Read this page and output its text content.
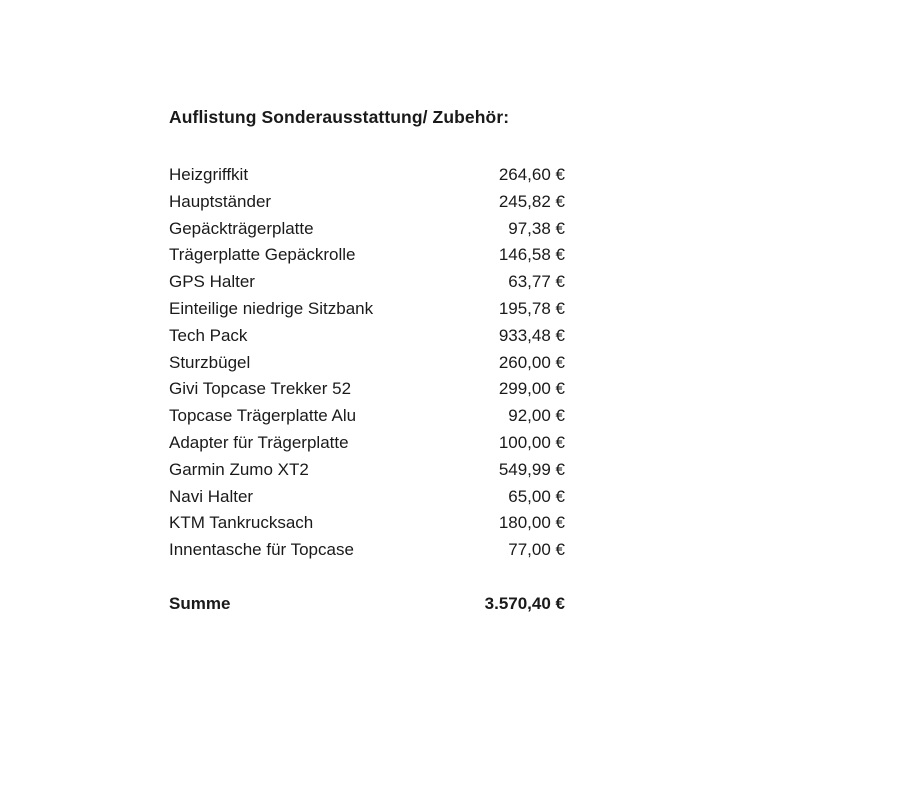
Auflistung Sonderausstattung/ Zubehör:
Heizgriffkit	264,60 €
Hauptständer	245,82 €
Gepäckträgerplatte	97,38 €
Trägerplatte Gepäckrolle	146,58 €
GPS Halter	63,77 €
Einteilige niedrige Sitzbank	195,78 €
Tech Pack	933,48 €
Sturzbügel	260,00 €
Givi Topcase Trekker 52	299,00 €
Topcase Trägerplatte Alu	92,00 €
Adapter für Trägerplatte	100,00 €
Garmin Zumo XT2	549,99 €
Navi Halter	65,00 €
KTM Tankrucksach	180,00 €
Innentasche für Topcase	77,00 €
Summe	3.570,40 €
